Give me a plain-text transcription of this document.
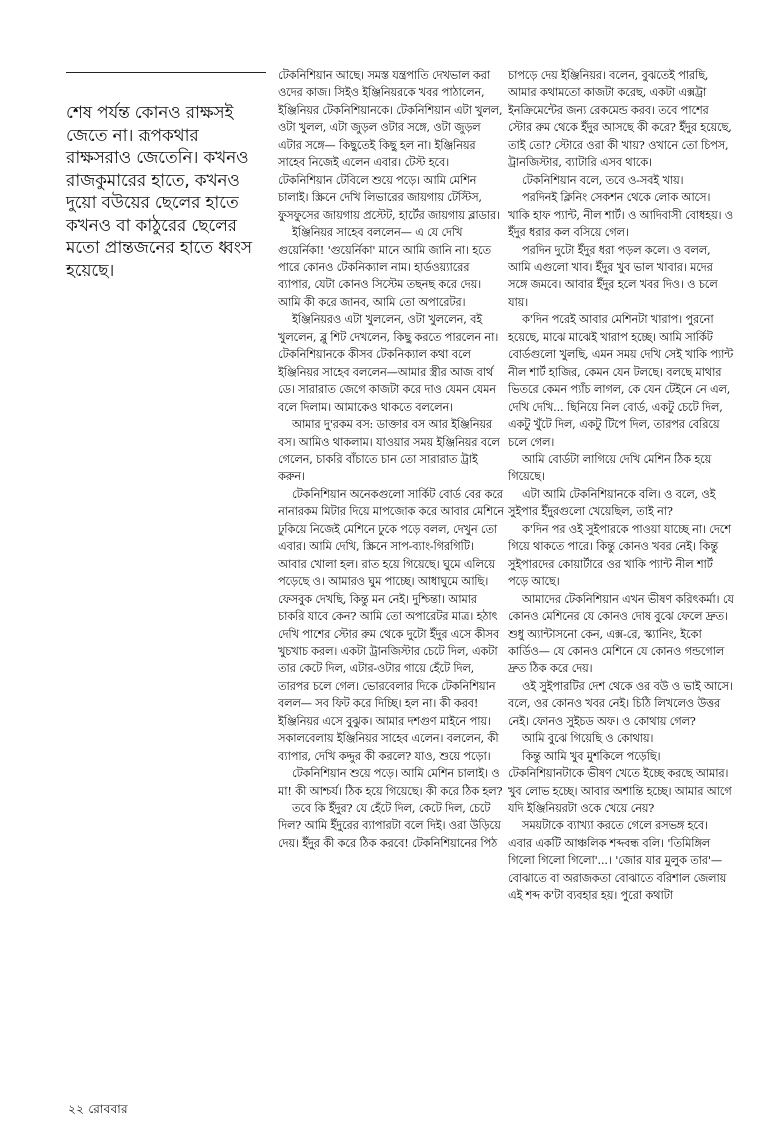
শেষ পর্যন্ত কোনও রাক্ষসই

জেতে না। রূপকথার

রাক্ষসরাও জেতেনি। কখনও

রাজকুমারের হাতে, কখনও

দুয়ো বউয়ের ছেলের হাতে

কখনও বা কাঠুরের ছেলের

মতো প্রান্তজনের হাতে ধ্বংস

হয়েছে।

টেকনিশিয়ান আছে। সমস্ত যন্ত্রপাতি দেখভাল করা ওদের কাজ। সিইও ইঞ্জিনিয়রকে খবর পাঠালেন, ইঞ্জিনিয়র টেকনিশিয়ানকে। টেকনিশিয়ান এটা খুলল, ওটা খুলল, এটা জুড়ল ওটার সঙ্গে, ওটা জুড়ল এটার সঙ্গে— কিছুতেই কিছু হল না। ইঞ্জিনিয়র সাহেব নিজেই এলেন এবার। টেস্ট হবে। টেকনিশিয়ান টেবিলে শুয়ে পড়ে। আমি মেশিন চালাই। স্ক্রিনে দেখি লিভারের জায়গায় টেস্টিস, ফুসফুসের জায়গায় প্রস্টেট, হার্টের জায়গায় ব্লাডার।

ইঞ্জিনিয়র সাহেব বললেন— এ যে দেখি গুয়ের্নিকা! 'গুয়ের্নিকা' মানে আমি জানি না। হতে পারে কোনও টেকনিক্যাল নাম। হার্ডওয়্যারের ব্যাপার, যেটা কোনও সিস্টেম তছনছ করে দেয়। আমি কী করে জানব, আমি তো অপারেটর।

ইঞ্জিনিয়রও এটা খুললেন, ওটা খুললেন, বই খুললেন, ব্লু শিট দেখলেন, কিছু করতে পারলেন না। টেকনিশিয়ানকে কীসব টেকনিক্যাল কথা বলে ইঞ্জিনিয়র সাহেব বললেন—আমার স্ত্রীর আজ বার্থ ডে। সারারাত জেগে কাজটা করে দাও যেমন যেমন বলে দিলাম। আমাকেও থাকতে বললেন।

আমার দু'রকম বস: ডাক্তার বস আর ইঞ্জিনিয়র বস। আমিও থাকলাম। যাওয়ার সময় ইঞ্জিনিয়র বলে গেলেন, চাকরি বাঁচাতে চান তো সারারাত ট্রাই করুন।

টেকনিশিয়ান অনেকগুলো সার্কিট বোর্ড বের করে নানারকম মিটার দিয়ে মাপজোক করে আবার মেশিনে ঢুকিয়ে নিজেই মেশিনে ঢুকে পড়ে বলল, দেখুন তো এবার। আমি দেখি, স্ক্রিনে সাপ-ব্যাং-গিরগিটি। আবার খোলা হল। রাত হয়ে গিয়েছে। ঘুমে এলিয়ে পড়েছে ও। আমারও ঘুম পাচ্ছে। আধাঘুমে আছি। ফেসবুক দেখছি, কিন্তু মন নেই। দুশ্চিন্তা। আমার চাকরি যাবে কেন? আমি তো অপারেটর মাত্র। হঠাৎ দেখি পাশের স্টোর রুম থেকে দুটো ইঁদুর এসে কীসব খুচখাচ করল। একটা ট্রানজিস্টার চেটে দিল, একটা তার কেটে দিল, এটার-ওটার গায়ে হেঁটে দিল, তারপর চলে গেল। ভোরবেলার দিকে টেকনিশিয়ান বলল— সব ফিট করে দিচ্ছি। হল না। কী করব! ইঞ্জিনিয়র এসে বুঝুক। আমার দশগুণ মাইনে পায়। সকালবেলায় ইঞ্জিনিয়র সাহেব এলেন। বললেন, কী ব্যাপার, দেখি কদ্দুর কী করলে? যাও, শুয়ে পড়ো।

টেকনিশিয়ান শুয়ে পড়ে। আমি মেশিন চালাই। ও মা! কী আশ্চর্য। ঠিক হয়ে গিয়েছে। কী করে ঠিক হল?

তবে কি ইঁদুর? যে হেঁটে দিল, কেটে দিল, চেটে দিল? আমি ইঁদুরের ব্যাপারটা বলে দিই। ওরা উড়িয়ে দেয়। ইঁদুর কী করে ঠিক করবে! টেকনিশিয়ানের পিঠ

চাপড়ে দেয় ইঞ্জিনিয়র। বলেন, বুঝতেই পারছি, আমার কথামতো কাজটা করেছ, একটা এক্সট্রা ইনক্রিমেন্টের জন্য রেকমেন্ড করব। তবে পাশের স্টোর রুম থেকে ইঁদুর আসছে কী করে? ইঁদুর হয়েছে, তাই তো? স্টোরে ওরা কী খায়? ওখানে তো চিপস, ট্রানজিস্টার, ব্যাটারি এসব থাকে।

টেকনিশিয়ান বলে, তবে ও-সবই খায়।

পরদিনই ক্লিনিং সেকশন থেকে লোক আসে। খাকি হাফ প্যান্ট, নীল শার্ট। ও আদিবাসী বোধহয়। ও ইঁদুর ধরার কল বসিয়ে গেল।

পরদিন দুটো ইঁদুর ধরা পড়ল কলে। ও বলল, আমি এগুলো খাব। ইঁদুর খুব ভাল খাবার। মদের সঙ্গে জমবে। আবার ইঁদুর হলে খবর দিও। ও চলে যায়।

ক'দিন পরেই আবার মেশিনটা খারাপ। পুরনো হয়েছে, মাঝে মাঝেই খারাপ হচ্ছে। আমি সার্কিট বোর্ডগুলো খুলছি, এমন সময় দেখি সেই খাকি প্যান্ট নীল শার্ট হাজির, কেমন যেন টলছে। বলছে মাথার ভিতরে কেমন প্যাঁচ লাগল, কে যেন টেইনে নে এল, দেখি দেখি... ছিনিয়ে নিল বোর্ড, একটু চেটে দিল, একটু খুঁটে দিল, একটু টিপে দিল, তারপর বেরিয়ে চলে গেল।

আমি বোর্ডটা লাগিয়ে দেখি মেশিন ঠিক হয়ে গিয়েছে।

এটা আমি টেকনিশিয়ানকে বলি। ও বলে, ওই সুইপার ইঁদুরগুলো খেয়েছিল, তাই না?

ক'দিন পর ওই সুইপারকে পাওয়া যাচ্ছে না। দেশে গিয়ে থাকতে পারে। কিন্তু কোনও খবর নেই। কিন্তু সুইপারদের কোয়ার্টারে ওর খাকি প্যান্ট নীল শার্ট পড়ে আছে।

আমাদের টেকনিশিয়ান এখন ভীষণ করিৎকর্মা। যে কোনও মেশিনের যে কোনও দোষ বুঝে ফেলে দ্রুত। শুধু অ্যান্টাসনো কেন, এক্স-রে, স্ক্যানিং, ইকো কার্ডিও— যে কোনও মেশিনে যে কোনও গন্ডগোল দ্রুত ঠিক করে দেয়।

ওই সুইপারটির দেশ থেকে ওর বউ ও ভাই আসে। বলে, ওর কোনও খবর নেই। চিঠি লিখলেও উত্তর নেই। ফোনও সুইচড অফ। ও কোথায় গেল?

আমি বুঝে গিয়েছি ও কোথায়।

কিন্তু আমি খুব মুশকিলে পড়েছি। টেকনিশিয়ানটাকে ভীষণ খেতে ইচ্ছে করছে আমার। খুব লোভ হচ্ছে। আবার অশান্তি হচ্ছে। আমার আগে যদি ইঞ্জিনিয়রটা ওকে খেয়ে নেয়?

সময়টাকে ব্যাখ্যা করতে গেলে রসভঙ্গ হবে। এবার একটি আঞ্চলিক শব্দবন্ধ বলি। 'তিমিঙ্গিল গিলো গিলো গিলো'...। 'জোর যার মুলুক তার'—বোঝাতে বা অরাজকতা বোঝাতে বরিশাল জেলায় এই শব্দ ক'টা ব্যবহার হয়। পুরো কথাটা

২২ রোববার
